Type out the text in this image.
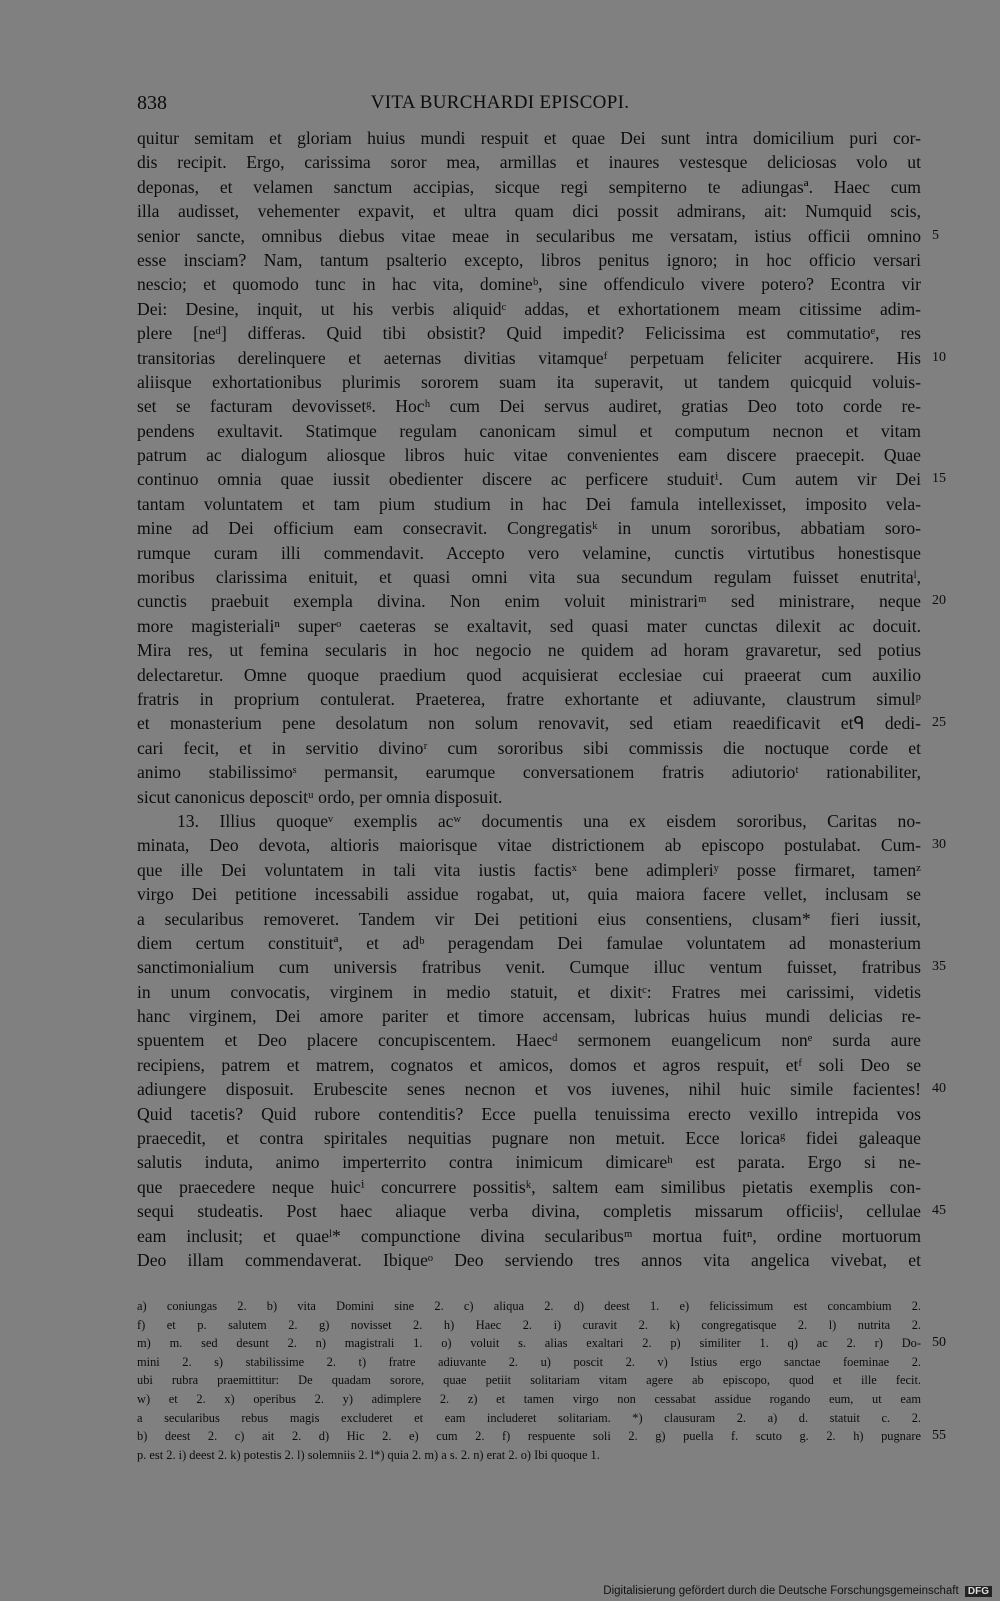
838	VITA BURCHARDI EPISCOPI.
quitur semitam et gloriam huius mundi respuit et quae Dei sunt intra domicilium puri cor-
dis recipit. Ergo, carissima soror mea, armillas et inaures vestesque deliciosas volo ut
deponas, et velamen sanctum accipias, sicque regi sempiterno te adiungasª. Haec cum
illa audisset, vehementer expavit, et ultra quam dici possit admirans, ait: Numquid scis,
senior sancte, omnibus diebus vitae meae in secularibus me versatam, istius officii omnino 5
esse insciam? Nam, tantum psalterio excepto, libros penitus ignoro; in hoc officio versari
nescio; et quomodo tunc in hac vita, domineᵇ, sine offendiculo vivere potero? Econtra vir
Dei: Desine, inquit, ut his verbis aliquidᶜ addas, et exhortationem meam citissime adim-
plere [neᵈ] differas. Quid tibi obsistit? Quid impedit? Felicissima est commutatioᵉ, res
transitorias derelinquere et aeternas divitias vitamqueᶠ perpetuam feliciter acquirere. His 10
aliisque exhortationibus plurimis sororem suam ita superavit, ut tandem quicquid voluis-
set se facturam devovissetᵍ. Hocʰ cum Dei servus audiret, gratias Deo toto corde re-
pendens exultavit. Statimque regulam canonicam simul et computum necnon et vitam
patrum ac dialogum aliosque libros huic vitae convenientes eam discere praecepit. Quae
continuo omnia quae iussit obedienter discere ac perficere studuitⁱ. Cum autem vir Dei 15
tantam voluntatem et tam pium studium in hac Dei famula intellexisset, imposito vela-
mine ad Dei officium eam consecravit. Congregatisᵏ in unum sororibus, abbatiam soro-
rumque curam illi commendavit. Accepto vero velamine, cunctis virtutibus honestisque
moribus clarissima enituit, et quasi omni vita sua secundum regulam fuisset enutritaˡ,
cunctis praebuit exempla divina. Non enim voluit ministrariᵐ sed ministrare, neque 20
more magisterialiⁿ superᵒ caeteras se exaltavit, sed quasi mater cunctas dilexit ac docuit.
Mira res, ut femina secularis in hoc negocio ne quidem ad horam gravaretur, sed potius
delectaretur. Omne quoque praedium quod acquisierat ecclesiae cui praeerat cum auxilio
fratris in proprium contulerat. Praeterea, fratre exhortante et adiuvante, claustrum simulᵖ
et monasterium pene desolatum non solum renovavit, sed etiam reaedificavit etᑫ dedi- 25
cari fecit, et in servitio divinoʳ cum sororibus sibi commissis die noctuque corde et
animo stabilissimoˢ permansit, earumque conversationem fratris adiutorioᵗ rationabiliter,
sicut canonicus deposcitᵘ ordo, per omnia disposuit.
13. Illius quoqueᵛ exemplis acʷ documentis una ex eisdem sororibus, Caritas no-
minata, Deo devota, altioris maiorisque vitae districtionem ab episcopo postulabat. Cum- 30
que ille Dei voluntatem in tali vita iustis factisˣ bene adimpleriʸ posse firmaret, tamenᶻ
virgo Dei petitione incessabili assidue rogabat, ut, quia maiora facere vellet, inclusam se
a secularibus removeret. Tandem vir Dei petitioni eius consentiens, clusam* fieri iussit,
diem certum constituitª, et adᵇ peragendam Dei famulae voluntatem ad monasterium
sanctimonialium cum universis fratribus venit. Cumque illuc ventum fuisset, fratribus 35
in unum convocatis, virginem in medio statuit, et dixitᶜ: Fratres mei carissimi, videtis
hanc virginem, Dei amore pariter et timore accensam, lubricas huius mundi delicias re-
spuentem et Deo placere concupiscentem. Haecᵈ sermonem euangelicum nonᵉ surda aure
recipiens, patrem et matrem, cognatos et amicos, domos et agros respuit, etᶠ soli Deo se
adiungere disposuit. Erubescite senes necnon et vos iuvenes, nihil huic simile facientes! 40
Quid tacetis? Quid rubore contenditis? Ecce puella tenuissima erecto vexillo intrepida vos
praecedit, et contra spiritales nequitias pugnare non metuit. Ecce loricaᵍ fidei galeaque
salutis induta, animo imperterrito contra inimicum dimicareʰ est parata. Ergo si ne-
que praecedere neque huicⁱ concurrere possitisᵏ, saltem eam similibus pietatis exemplis con-
sequi studeatis. Post haec aliaque verba divina, completis missarum officiisˡ, cellulae 45
eam inclusit; et quaeˡ* compunctione divina secularibusᵐ mortua fuitⁿ, ordine mortuorum
Deo illam commendaverat. Ibiqueᵒ Deo serviendo tres annos vita angelica vivebat, et
a) coniungas 2. b) vita Domini sine 2. c) aliqua 2. d) deest 1. e) felicissimum est concambium 2.
f) et p. salutem 2. g) novisset 2. h) Haec 2. i) curavit 2. k) congregatisque 2. l) nutrita 2.
m) m. sed desunt 2. n) magistrali 1. o) voluit s. alias exaltari 2. p) similiter 1. q) ac 2. r) Do- 50
mini 2. s) stabilissime 2. t) fratre adiuvante 2. u) poscit 2. v) Istius ergo sanctae foeminae 2.
ubi rubra praemittitur: De quadam sorore, quae petiit solitariam vitam agere ab episcopo, quod et ille fecit.
w) et 2. x) operibus 2. y) adimplere 2. z) et tamen virgo non cessabat assidue rogando eum, ut eam
a secularibus rebus magis excluderet et eam includeret solitariam. *) clausuram 2. a) d. statuit c. 2.
b) deest 2. c) ait 2. d) Hic 2. e) cum 2. f) respuente soli 2. g) puella f. scuto g. 2. h) pugnare 55
p. est 2. i) deest 2. k) potestis 2. l) solemniis 2. l*) quia 2. m) a s. 2. n) erat 2. o) Ibi quoque 1.
Digitalisierung gefördert durch die Deutsche Forschungsgemeinschaft DFG
